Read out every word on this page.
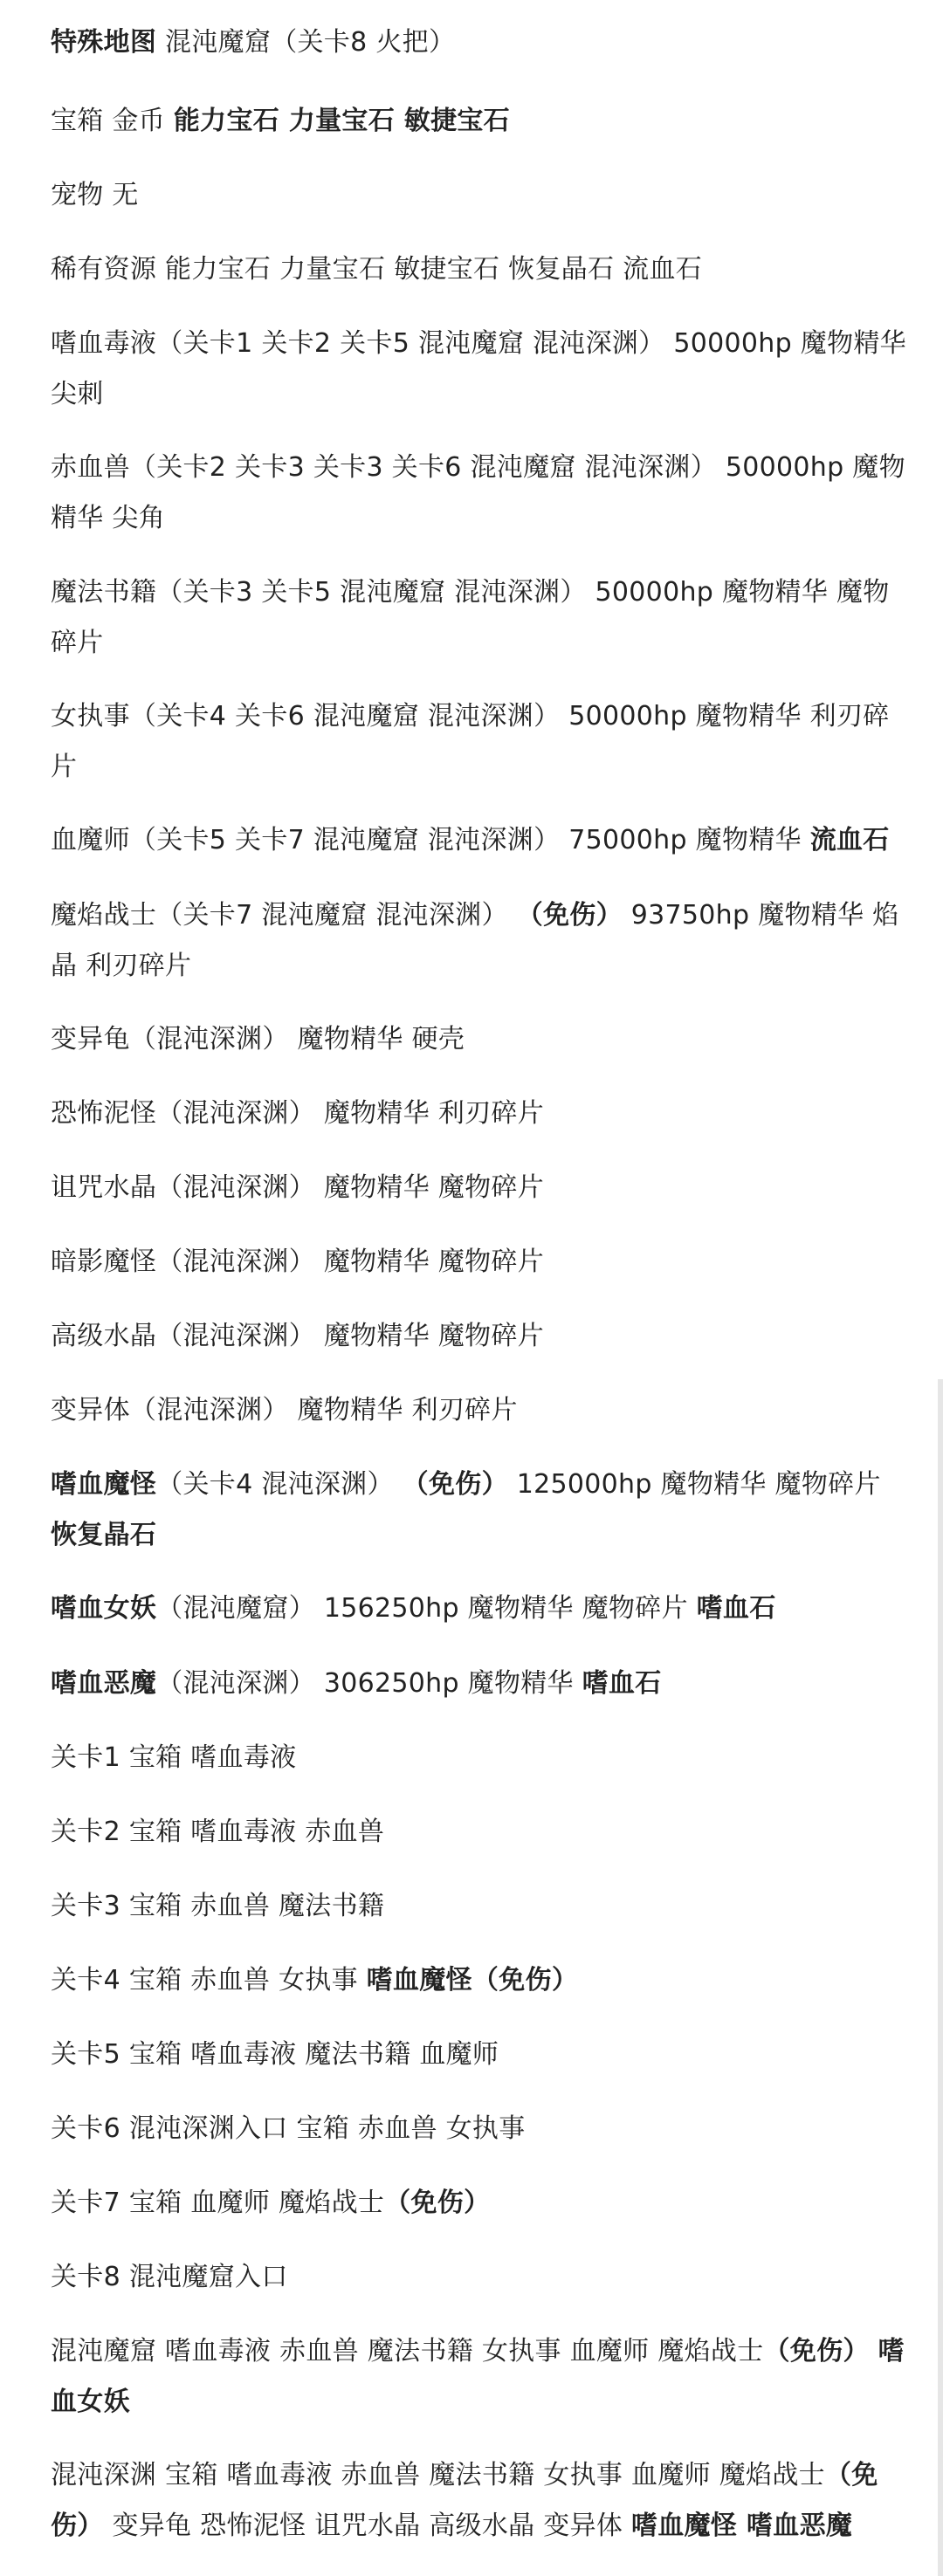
特殊地图 混沌魔窟（关卡8 火把）

宝箱 金币 能力宝石 力量宝石 敏捷宝石

宠物 无

稀有资源 能力宝石 力量宝石 敏捷宝石 恢复晶石 流血石

嗜血毒液（关卡1 关卡2 关卡5 混沌魔窟 混沌深渊） 50000hp 魔物精华 尖刺

赤血兽（关卡2 关卡3 关卡3 关卡6 混沌魔窟 混沌深渊） 50000hp 魔物精华 尖角

魔法书籍（关卡3 关卡5 混沌魔窟 混沌深渊） 50000hp 魔物精华 魔物碎片

女执事（关卡4 关卡6 混沌魔窟 混沌深渊） 50000hp 魔物精华 利刃碎片

血魔师（关卡5 关卡7 混沌魔窟 混沌深渊） 75000hp 魔物精华 流血石

魔焰战士（关卡7 混沌魔窟 混沌深渊） （免伤） 93750hp 魔物精华 焰晶 利刃碎片

变异龟（混沌深渊） 魔物精华 硬壳

恐怖泥怪（混沌深渊） 魔物精华 利刃碎片

诅咒水晶（混沌深渊） 魔物精华 魔物碎片

暗影魔怪（混沌深渊） 魔物精华 魔物碎片

高级水晶（混沌深渊） 魔物精华 魔物碎片

变异体（混沌深渊） 魔物精华 利刃碎片

嗜血魔怪（关卡4 混沌深渊） （免伤） 125000hp 魔物精华 魔物碎片 恢复晶石

嗜血女妖（混沌魔窟） 156250hp 魔物精华 魔物碎片 嗜血石

嗜血恶魔（混沌深渊） 306250hp 魔物精华 嗜血石

关卡1 宝箱 嗜血毒液

关卡2 宝箱 嗜血毒液 赤血兽

关卡3 宝箱 赤血兽 魔法书籍

关卡4 宝箱 赤血兽 女执事 嗜血魔怪（免伤）

关卡5 宝箱 嗜血毒液 魔法书籍 血魔师

关卡6 混沌深渊入口 宝箱 赤血兽 女执事

关卡7 宝箱 血魔师 魔焰战士（免伤）

关卡8 混沌魔窟入口

混沌魔窟 嗜血毒液 赤血兽 魔法书籍 女执事 血魔师 魔焰战士（免伤） 嗜血女妖

混沌深渊 宝箱 嗜血毒液 赤血兽 魔法书籍 女执事 血魔师 魔焰战士（免伤） 变异龟 恐怖泥怪 诅咒水晶 高级水晶 变异体 嗜血魔怪 嗜血恶魔
